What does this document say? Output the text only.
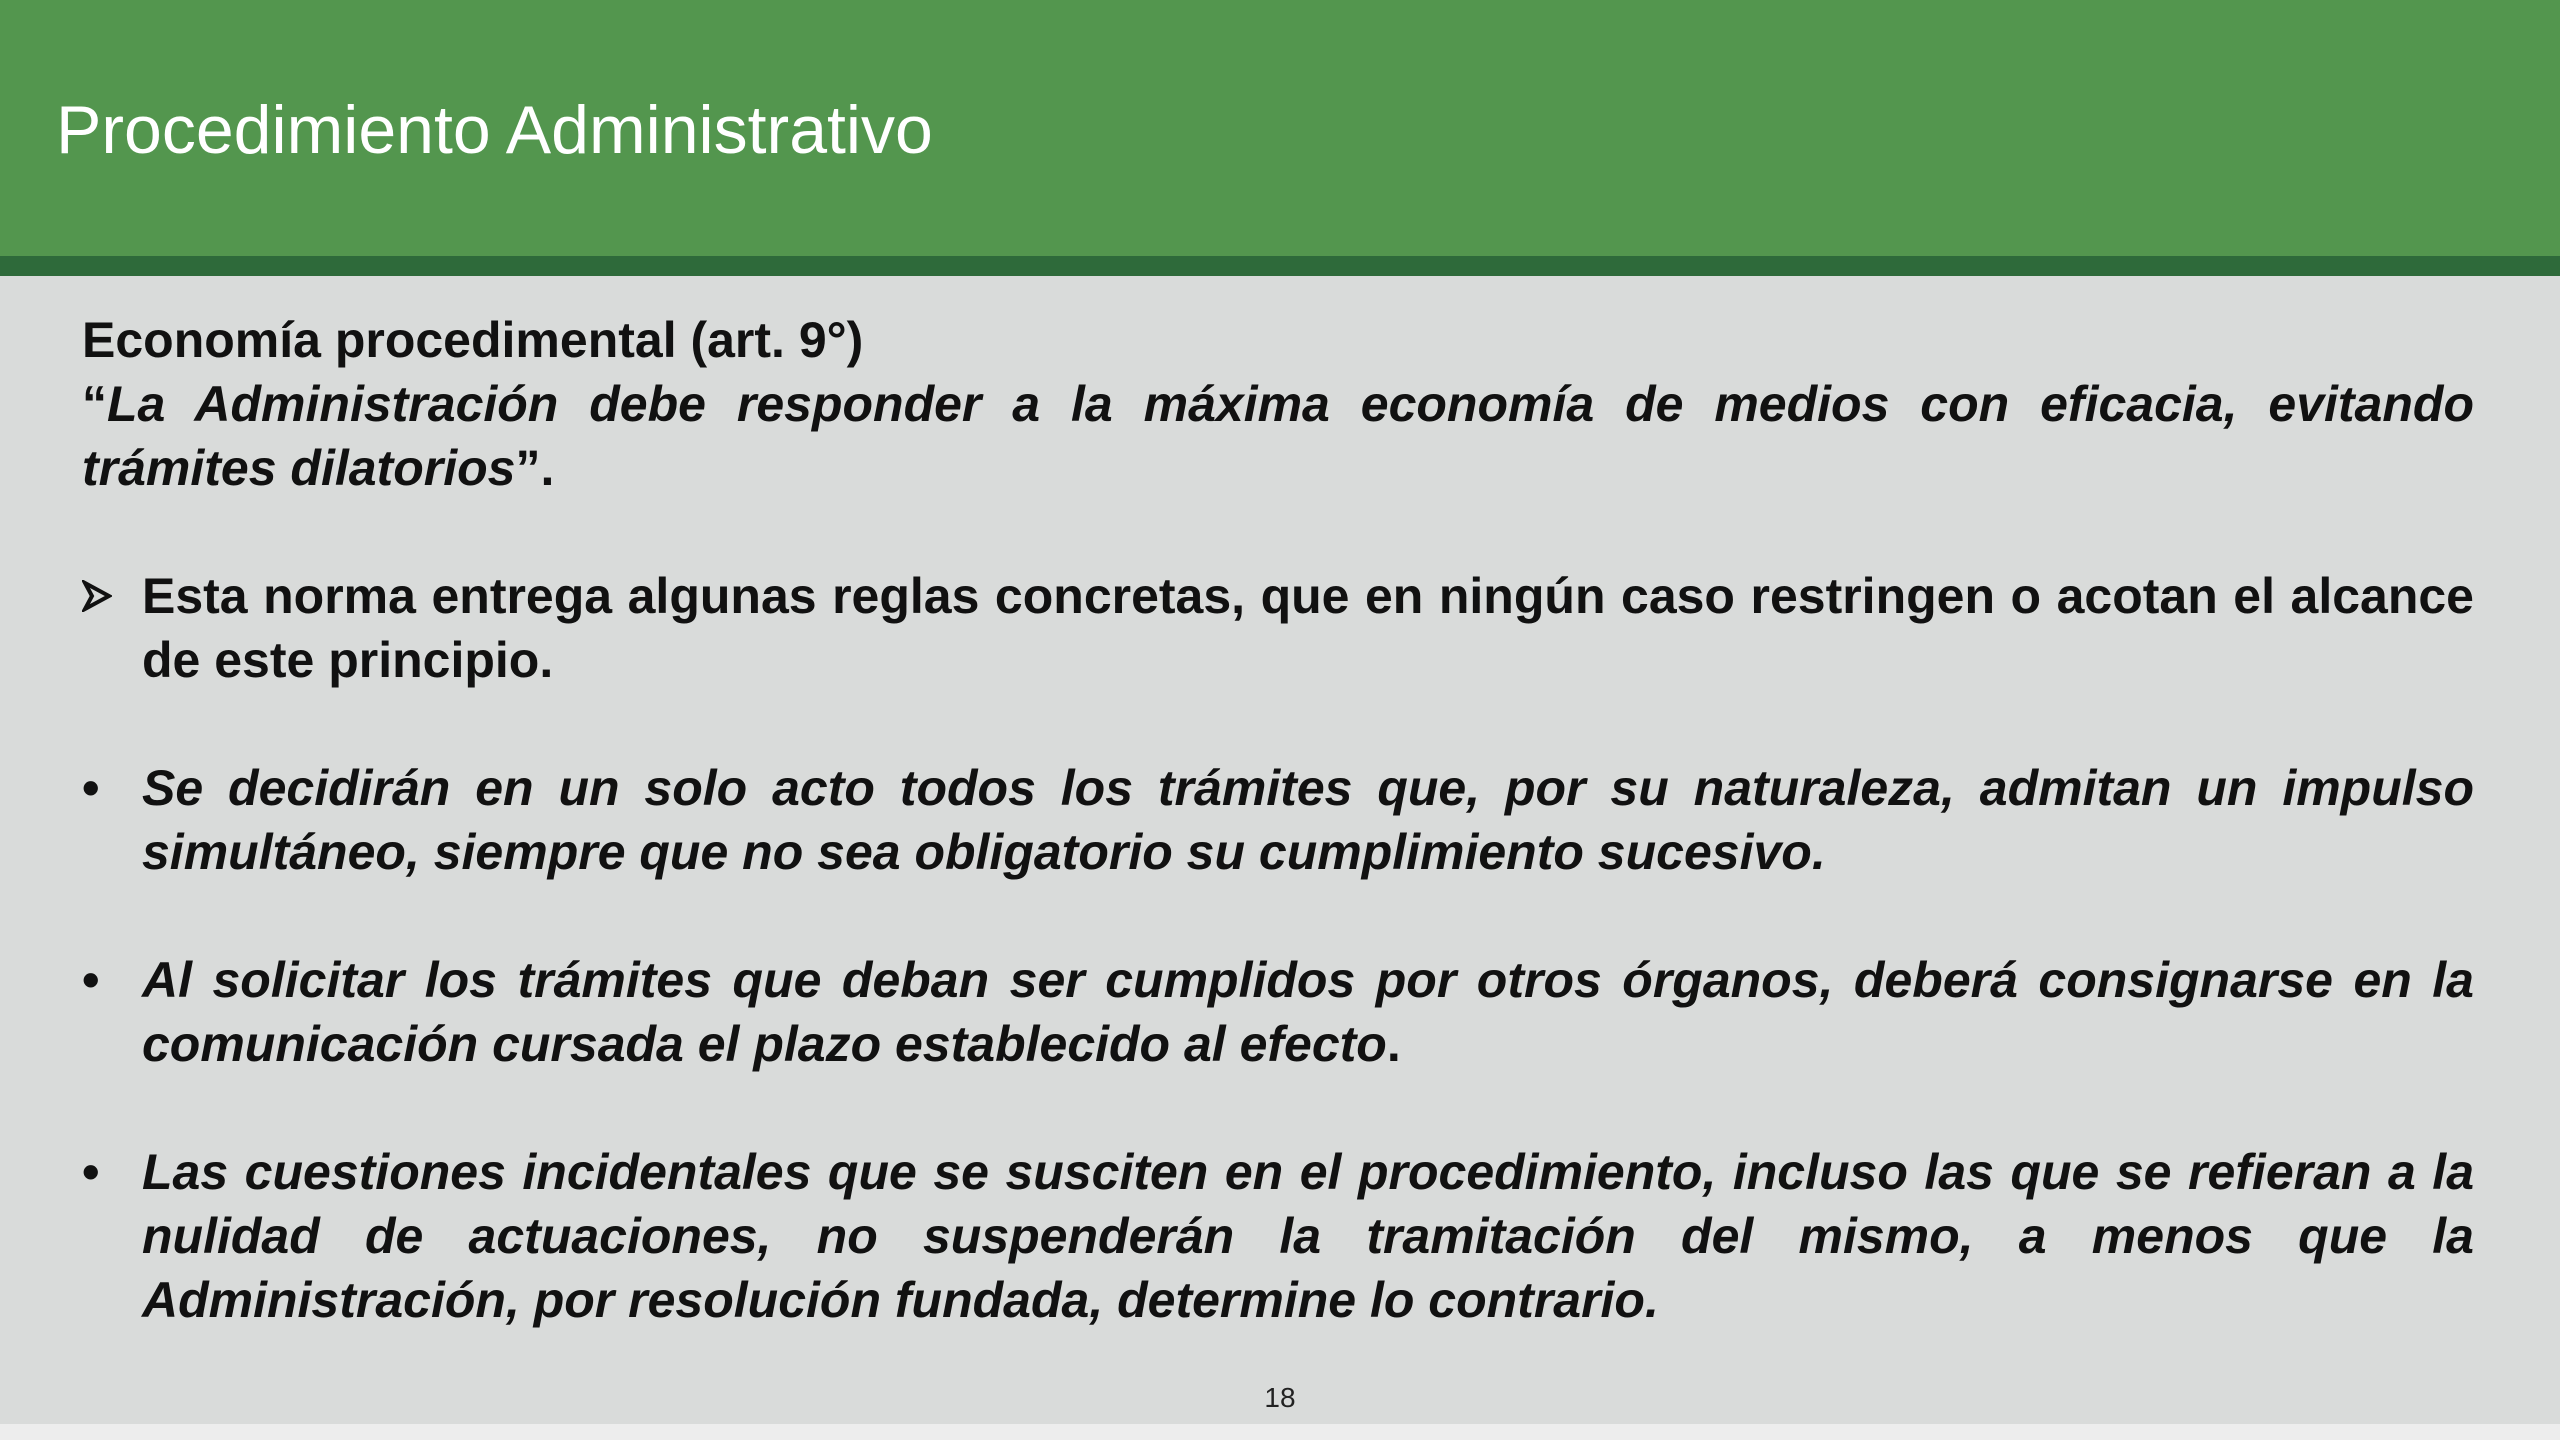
Procedimiento Administrativo

Economía procedimental (art. 9°)

“La Administración debe responder a la máxima economía de medios con eficacia, evitando trámites dilatorios”.

Esta norma entrega algunas reglas concretas, que en ningún caso restringen o acotan el alcance de este principio.
• Se decidirán en un solo acto todos los trámites que, por su naturaleza, admitan un impulso simultáneo, siempre que no sea obligatorio su cumplimiento sucesivo.
• Al solicitar los trámites que deban ser cumplidos por otros órganos, deberá consignarse en la comunicación cursada el plazo establecido al efecto.
• Las cuestiones incidentales que se susciten en el procedimiento, incluso las que se refieran a la nulidad de actuaciones, no suspenderán la tramitación del mismo, a menos que la Administración, por resolución fundada, determine lo contrario.
18
